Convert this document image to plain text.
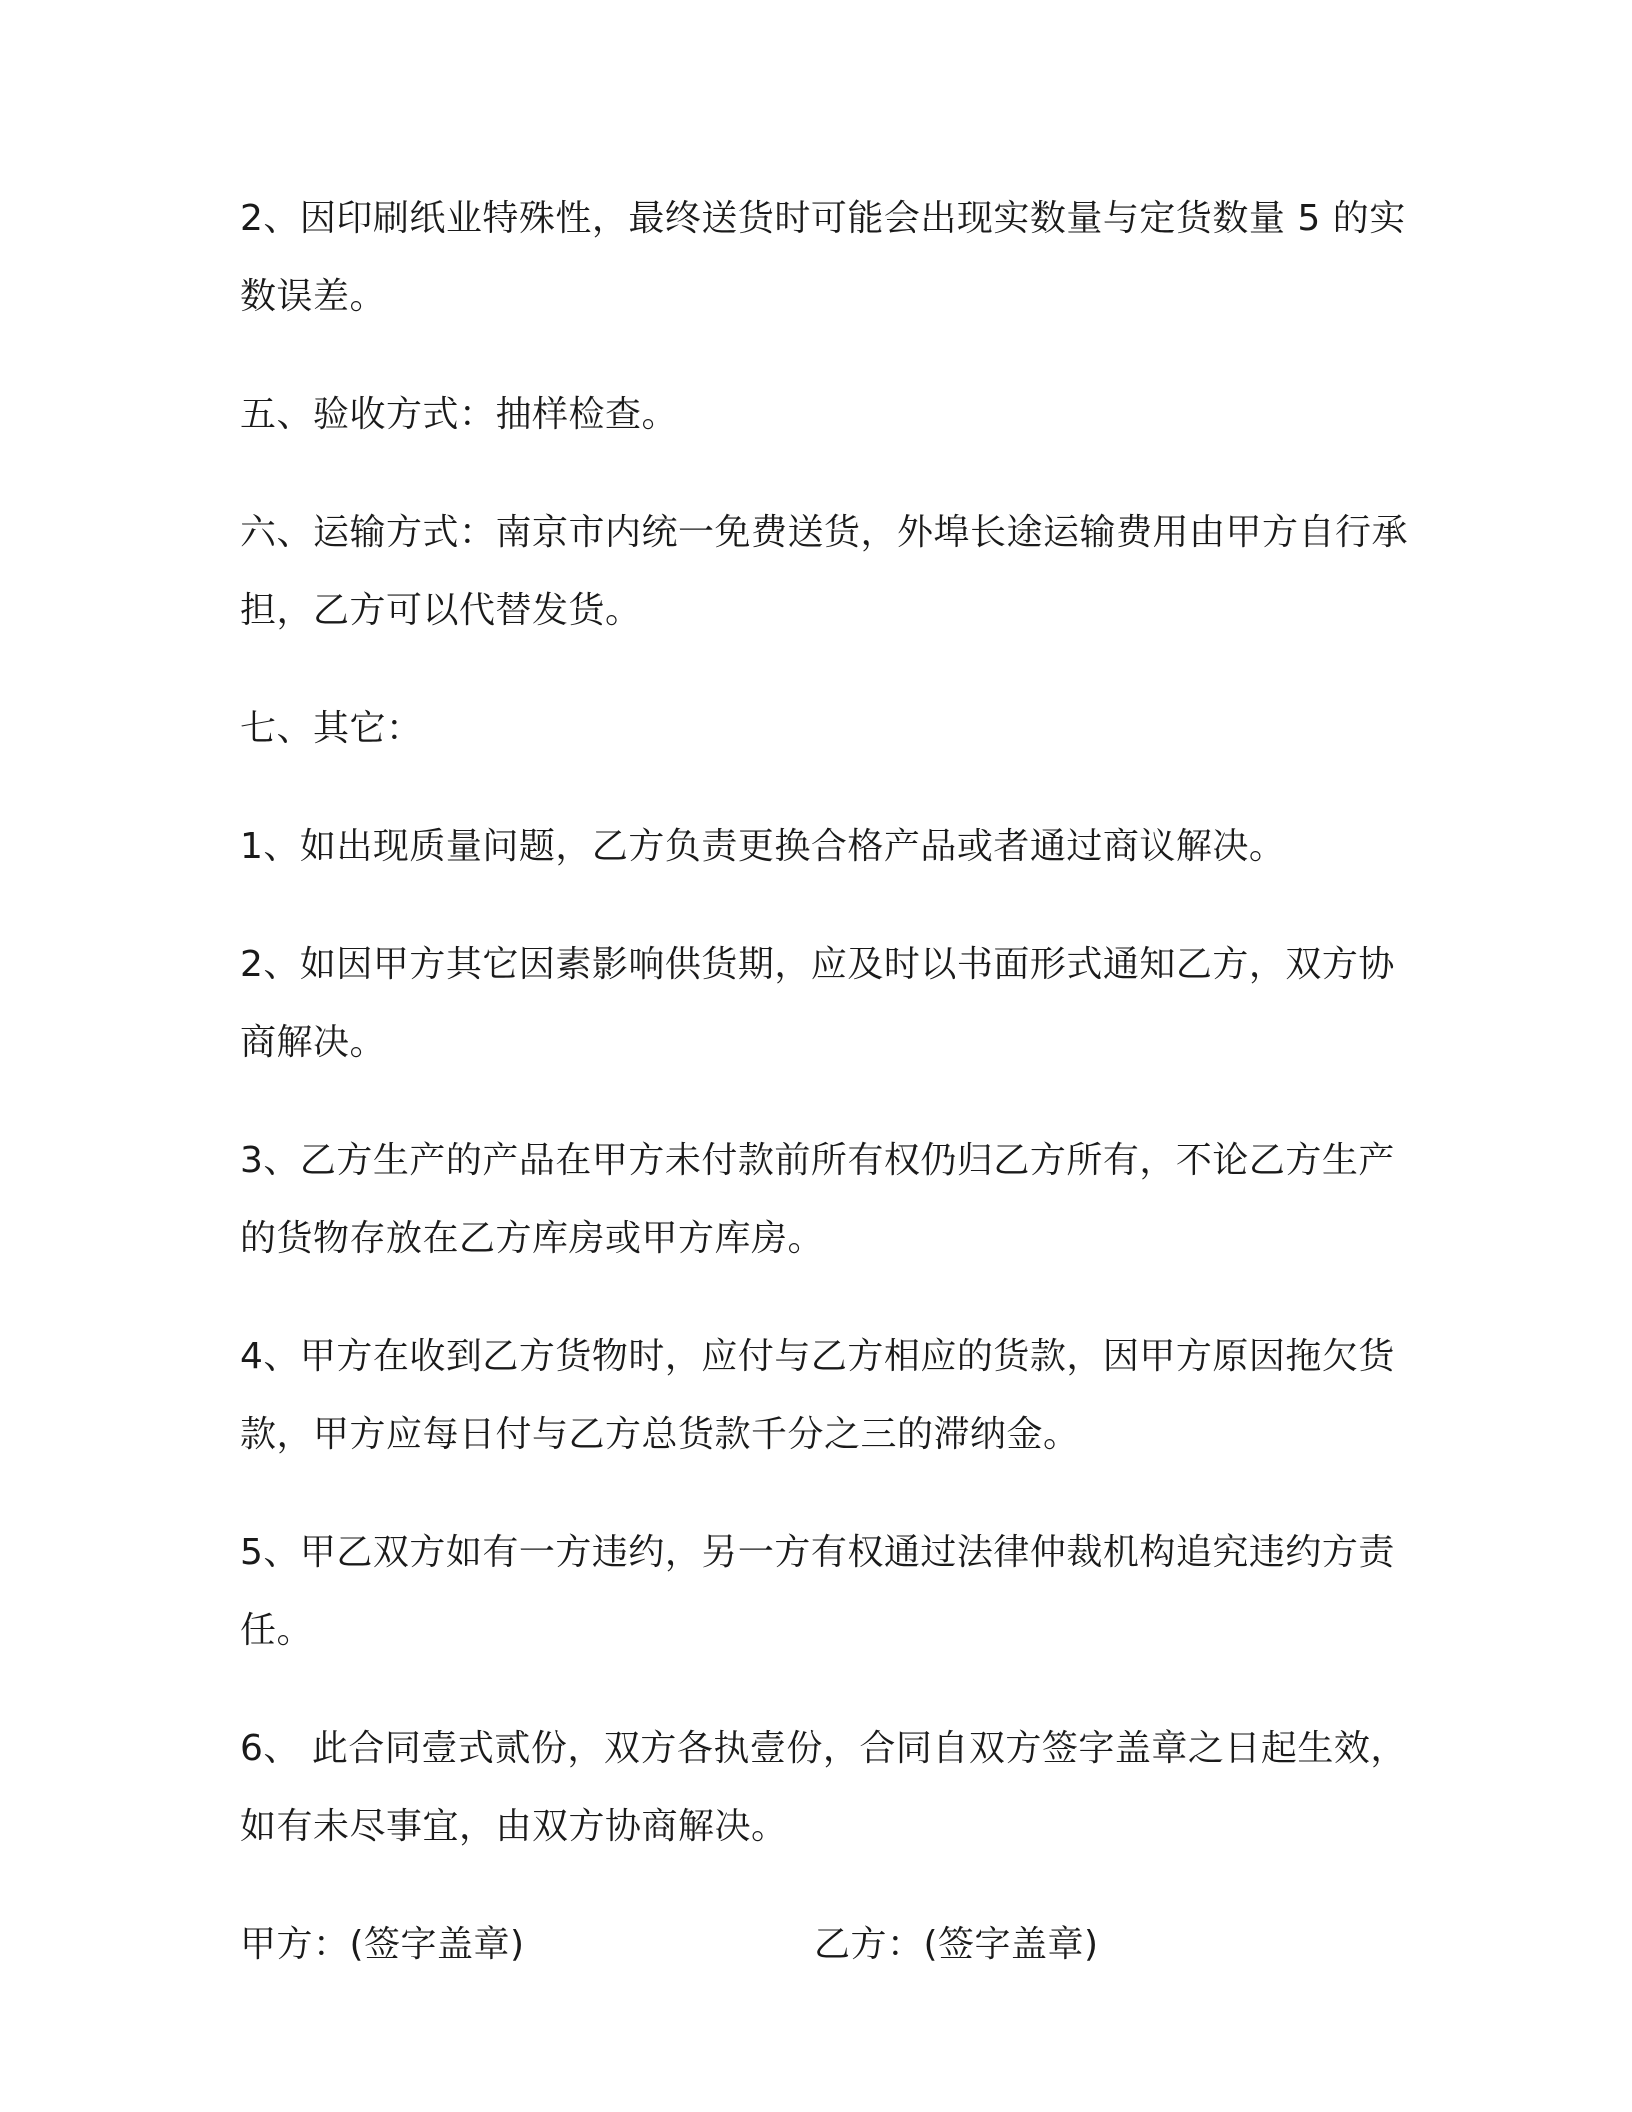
2、因印刷纸业特殊性，最终送货时可能会出现实数量与定货数量 5 的实数误差。

五、验收方式：抽样检查。

六、运输方式：南京市内统一免费送货，外埠长途运输费用由甲方自行承担，乙方可以代替发货。

七、其它：

1、如出现质量问题，乙方负责更换合格产品或者通过商议解决。

2、如因甲方其它因素影响供货期，应及时以书面形式通知乙方，双方协商解决。

3、乙方生产的产品在甲方未付款前所有权仍归乙方所有，不论乙方生产的货物存放在乙方库房或甲方库房。

4、甲方在收到乙方货物时，应付与乙方相应的货款，因甲方原因拖欠货款，甲方应每日付与乙方总货款千分之三的滞纳金。

5、甲乙双方如有一方违约，另一方有权通过法律仲裁机构追究违约方责任。

6、 此合同壹式贰份，双方各执壹份，合同自双方签字盖章之日起生效，如有未尽事宜，由双方协商解决。

甲方：(签字盖章)	乙方：(签字盖章)
